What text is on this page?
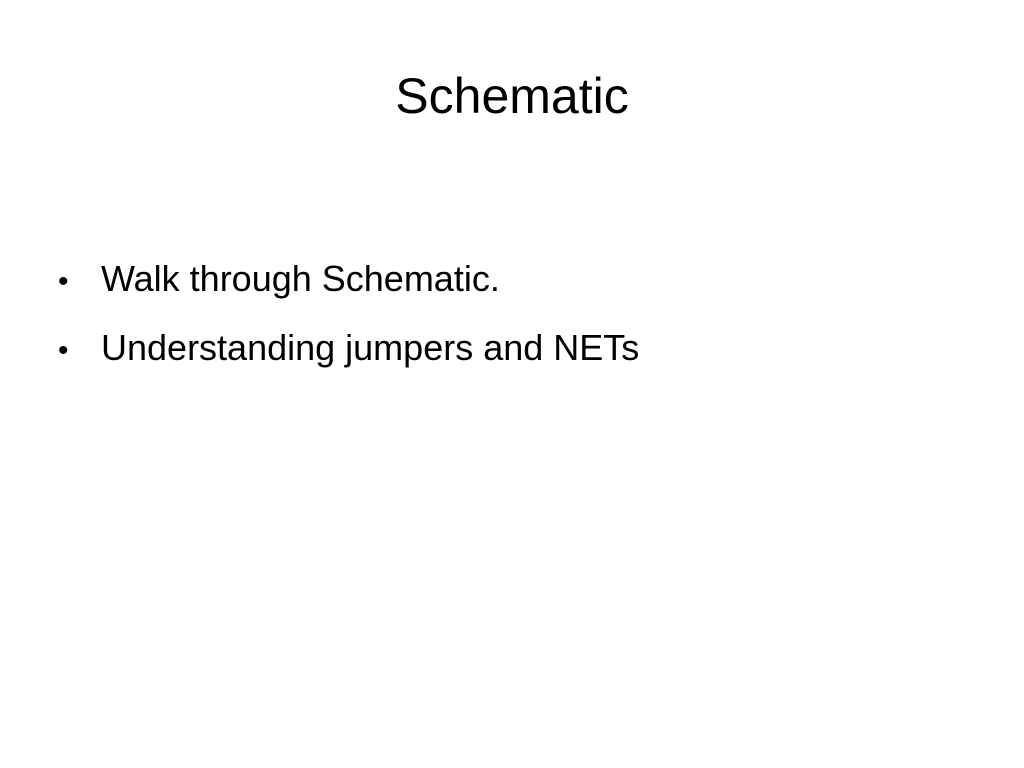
Schematic
• Walk through Schematic.
• Understanding jumpers and NETs
